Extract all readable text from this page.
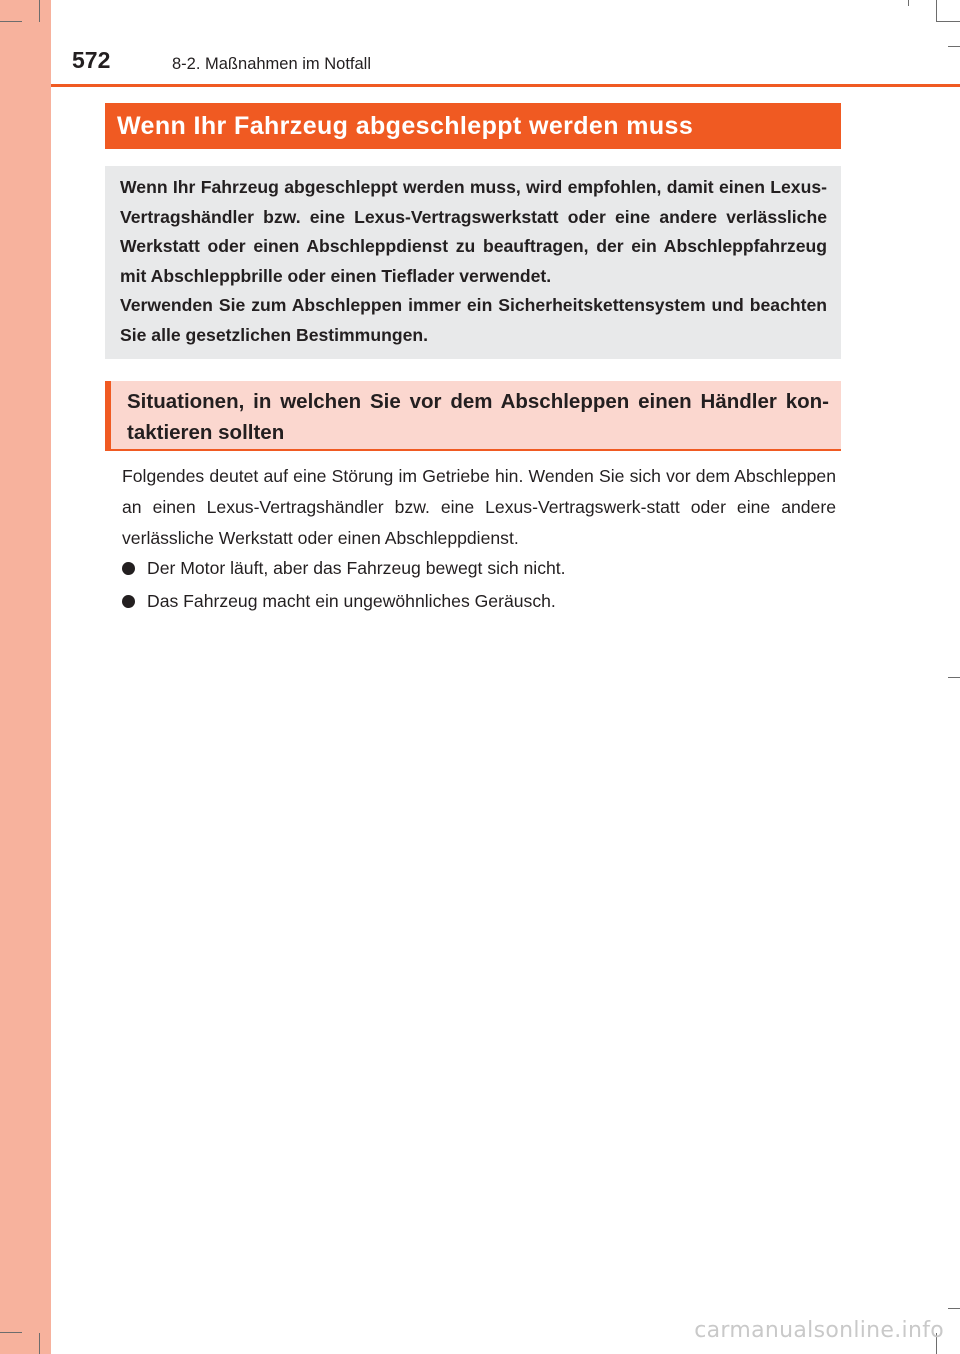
572	8-2. Maßnahmen im Notfall
Wenn Ihr Fahrzeug abgeschleppt werden muss

Wenn Ihr Fahrzeug abgeschleppt werden muss, wird empfohlen, damit einen Lexus-Vertragshändler bzw. eine Lexus-Vertragswerkstatt oder eine andere verlässliche Werkstatt oder einen Abschleppdienst zu beauftragen, der ein Abschleppfahrzeug mit Abschleppbrille oder einen Tieflader verwendet.

Verwenden Sie zum Abschleppen immer ein Sicherheitskettensystem und beachten Sie alle gesetzlichen Bestimmungen.

Situationen, in welchen Sie vor dem Abschleppen einen Händler kon-taktieren sollten

Folgendes deutet auf eine Störung im Getriebe hin. Wenden Sie sich vor dem Abschleppen an einen Lexus-Vertragshändler bzw. eine Lexus-Vertragswerk-statt oder eine andere verlässliche Werkstatt oder einen Abschleppdienst.

Der Motor läuft, aber das Fahrzeug bewegt sich nicht.
Das Fahrzeug macht ein ungewöhnliches Geräusch.
carmanualsonline.info
